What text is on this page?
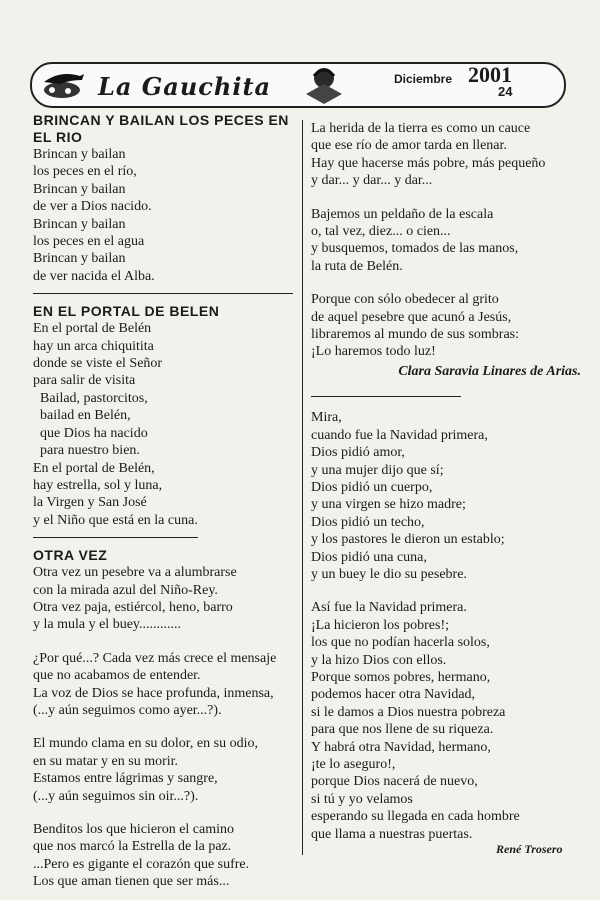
La Gauchita	Diciembre 2001
24
BRINCAN Y BAILAN LOS PECES EN
EL RIO
Brincan y bailan
los peces en el río,
Brincan y bailan
de ver a Dios nacido.
Brincan y bailan
los peces en el agua
Brincan y bailan
de ver nacida el Alba.
EN EL PORTAL DE BELEN
En el portal de Belén
hay un arca chiquitita
donde se viste el Señor
para salir de visita
Bailad, pastorcitos,
bailad en Belén,
que Dios ha nacido
para nuestro bien.
En el portal de Belén,
hay estrella, sol y luna,
la Virgen y San José
y el Niño que está en la cuna.
OTRA VEZ
Otra vez un pesebre va a alumbrarse
con la mirada azul del Niño-Rey.
Otra vez paja, estiércol, heno, barro
y la mula y el buey............
¿Por qué...? Cada vez más crece el mensaje
que no acabamos de entender.
La voz de Dios se hace profunda, inmensa,
(...y aún seguimos como ayer...?).
El mundo clama en su dolor, en su odio,
en su matar y en su morir.
Estamos entre lágrimas y sangre,
(...y aún seguimos sin oir...?).
Benditos los que hicieron el camino
que nos marcó la Estrella de la paz.
...Pero es gigante el corazón que sufre.
Los que aman tienen que ser más...
La herida de la tierra es como un cauce
que ese río de amor tarda en llenar.
Hay que hacerse más pobre, más pequeño
y dar... y dar... y dar...
Bajemos un peldaño de la escala
o, tal vez, diez... o cien...
y busquemos, tomados de las manos,
la ruta de Belén.
Porque con sólo obedecer al grito
de aquel pesebre que acunó a Jesús,
libraremos al mundo de sus sombras:
¡Lo haremos todo luz!
Clara Saravia Linares de Arias.
Mira,
cuando fue la Navidad primera,
Dios pidió amor,
y una mujer dijo que sí;
Dios pidió un cuerpo,
y una virgen se hizo madre;
Dios pidió un techo,
y los pastores le dieron un establo;
Dios pidió una cuna,
y un buey le dio su pesebre.
Así fue la Navidad primera.
¡La hicieron los pobres!;
los que no podían hacerla solos,
y la hizo Dios con ellos.
Porque somos pobres, hermano,
podemos hacer otra Navidad,
si le damos a Dios nuestra pobreza
para que nos llene de su riqueza.
Y habrá otra Navidad, hermano,
¡te lo aseguro!,
porque Dios nacerá de nuevo,
si tú y yo velamos
esperando su llegada en cada hombre
que llama a nuestras puertas.
René Trosero
